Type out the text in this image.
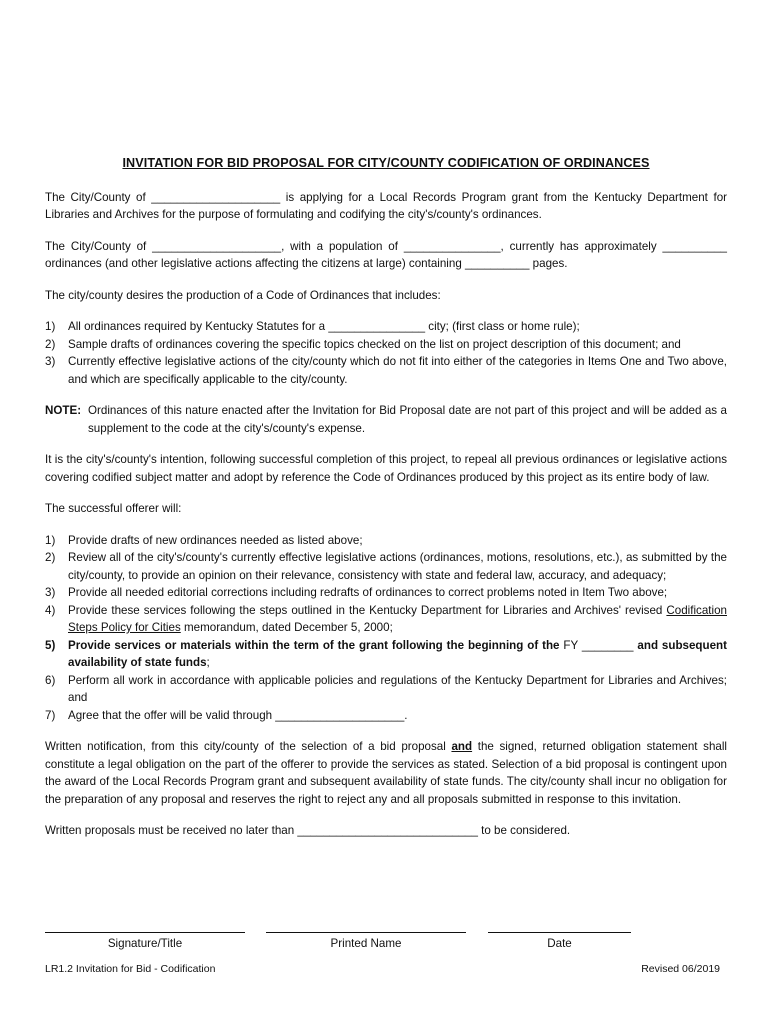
INVITATION FOR BID PROPOSAL FOR CITY/COUNTY CODIFICATION OF ORDINANCES

The City/County of ____________________ is applying for a Local Records Program grant from the Kentucky Department for Libraries and Archives for the purpose of formulating and codifying the city's/county's ordinances.

The City/County of ____________________, with a population of _______________, currently has approximately __________ ordinances (and other legislative actions affecting the citizens at large) containing __________ pages.

The city/county desires the production of a Code of Ordinances that includes:

1) All ordinances required by Kentucky Statutes for a _______________ city; (first class or home rule);
2) Sample drafts of ordinances covering the specific topics checked on the list on project description of this document; and
3) Currently effective legislative actions of the city/county which do not fit into either of the categories in Items One and Two above, and which are specifically applicable to the city/county.
NOTE: Ordinances of this nature enacted after the Invitation for Bid Proposal date are not part of this project and will be added as a supplement to the code at the city's/county's expense.

It is the city's/county's intention, following successful completion of this project, to repeal all previous ordinances or legislative actions covering codified subject matter and adopt by reference the Code of Ordinances produced by this project as its entire body of law.

The successful offerer will:

1) Provide drafts of new ordinances needed as listed above;
2) Review all of the city's/county's currently effective legislative actions (ordinances, motions, resolutions, etc.), as submitted by the city/county, to provide an opinion on their relevance, consistency with state and federal law, accuracy, and adequacy;
3) Provide all needed editorial corrections including redrafts of ordinances to correct problems noted in Item Two above;
4) Provide these services following the steps outlined in the Kentucky Department for Libraries and Archives' revised Codification Steps Policy for Cities memorandum, dated December 5, 2000;
5) Provide services or materials within the term of the grant following the beginning of the FY ________ and subsequent availability of state funds;
6) Perform all work in accordance with applicable policies and regulations of the Kentucky Department for Libraries and Archives; and
7) Agree that the offer will be valid through ____________________.

Written notification, from this city/county of the selection of a bid proposal and the signed, returned obligation statement shall constitute a legal obligation on the part of the offerer to provide the services as stated. Selection of a bid proposal is contingent upon the award of the Local Records Program grant and subsequent availability of state funds. The city/county shall incur no obligation for the preparation of any proposal and reserves the right to reject any and all proposals submitted in response to this invitation.

Written proposals must be received no later than ____________________________ to be considered.

Signature/Title	Printed Name	Date
LR1.2 Invitation for Bid - Codification	Revised 06/2019
